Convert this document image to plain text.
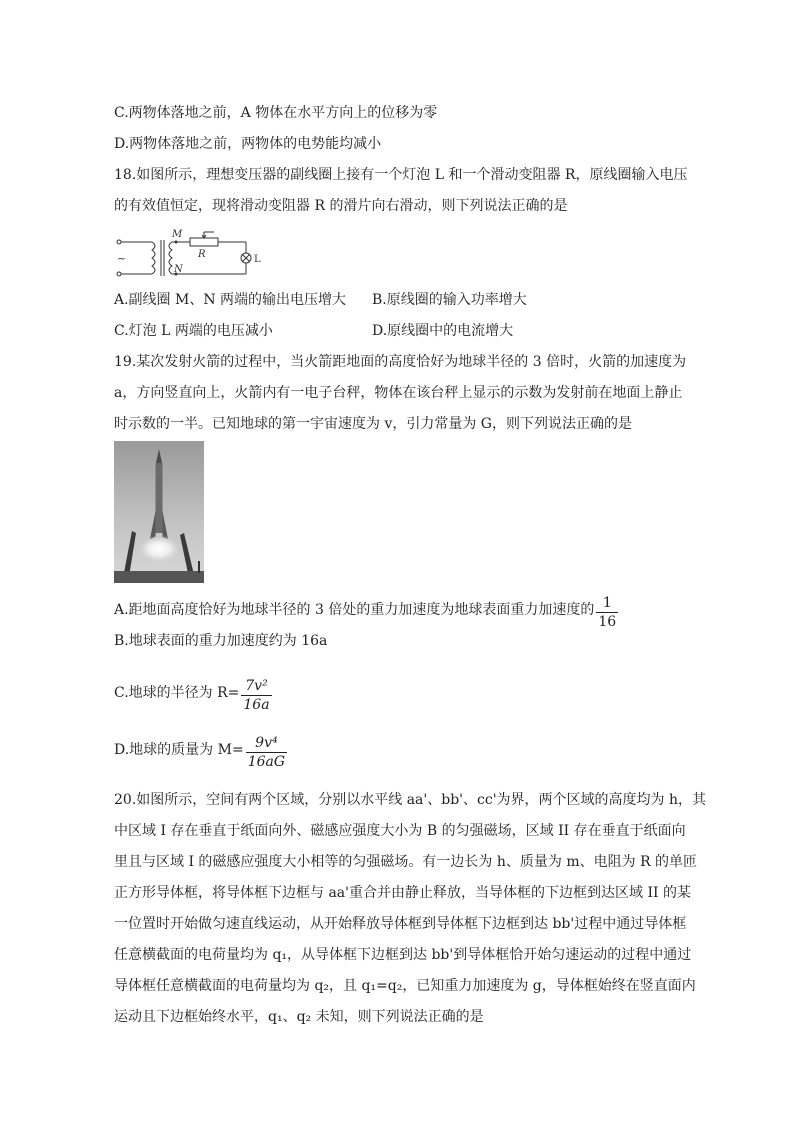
C.两物体落地之前，A 物体在水平方向上的位移为零
D.两物体落地之前，两物体的电势能均减小
18.如图所示，理想变压器的副线圈上接有一个灯泡 L 和一个滑动变阻器 R，原线圈输入电压
的有效值恒定，现将滑动变阻器 R 的滑片向右滑动，则下列说法正确的是
~
M
N
R	L
A.副线圈 M、N 两端的输出电压增大 B.原线圈的输入功率增大
C.灯泡 L 两端的电压减小	D.原线圈中的电流增大
19.某次发射火箭的过程中，当火箭距地面的高度恰好为地球半径的 3 倍时，火箭的加速度为
a，方向竖直向上，火箭内有一电子台秤，物体在该台秤上显示的示数为发射前在地面上静止
时示数的一半。已知地球的第一宇宙速度为 v，引力常量为 G，则下列说法正确的是
A.距地面高度恰好为地球半径的 3 倍处的重力加速度为地球表面重力加速度的 $\frac{1}{16}$
B.地球表面的重力加速度约为 16a
C.地球的半径为 $R= \frac{\text{7v²}}{16a}$
D.地球的质量为 $M= \frac{\text{9v⁴}}{16aG}$
20.如图所示，空间有两个区域，分别以水平线 aa'、bb'、cc'为界，两个区域的高度均为 h，其
中区域 I 存在垂直于纸面向外、磁感应强度大小为 B 的匀强磁场，区域 II 存在垂直于纸面向
里且与区域 I 的磁感应强度大小相等的匀强磁场。有一边长为 h、质量为 m、电阻为 R 的单匝
正方形导体框，将导体框下边框与 aa'重合并由静止释放，当导体框的下边框到达区域 II 的某
一位置时开始做匀速直线运动，从开始释放导体框到导体框下边框到达 bb'过程中通过导体框
任意横截面的电荷量均为 q₁，从导体框下边框到达 bb'到导体框恰开始匀速运动的过程中通过
导体框任意横截面的电荷量均为 q₂，且 q₁=q₂，已知重力加速度为 g，导体框始终在竖直面内
运动且下边框始终水平，q₁、q₂ 未知，则下列说法正确的是
